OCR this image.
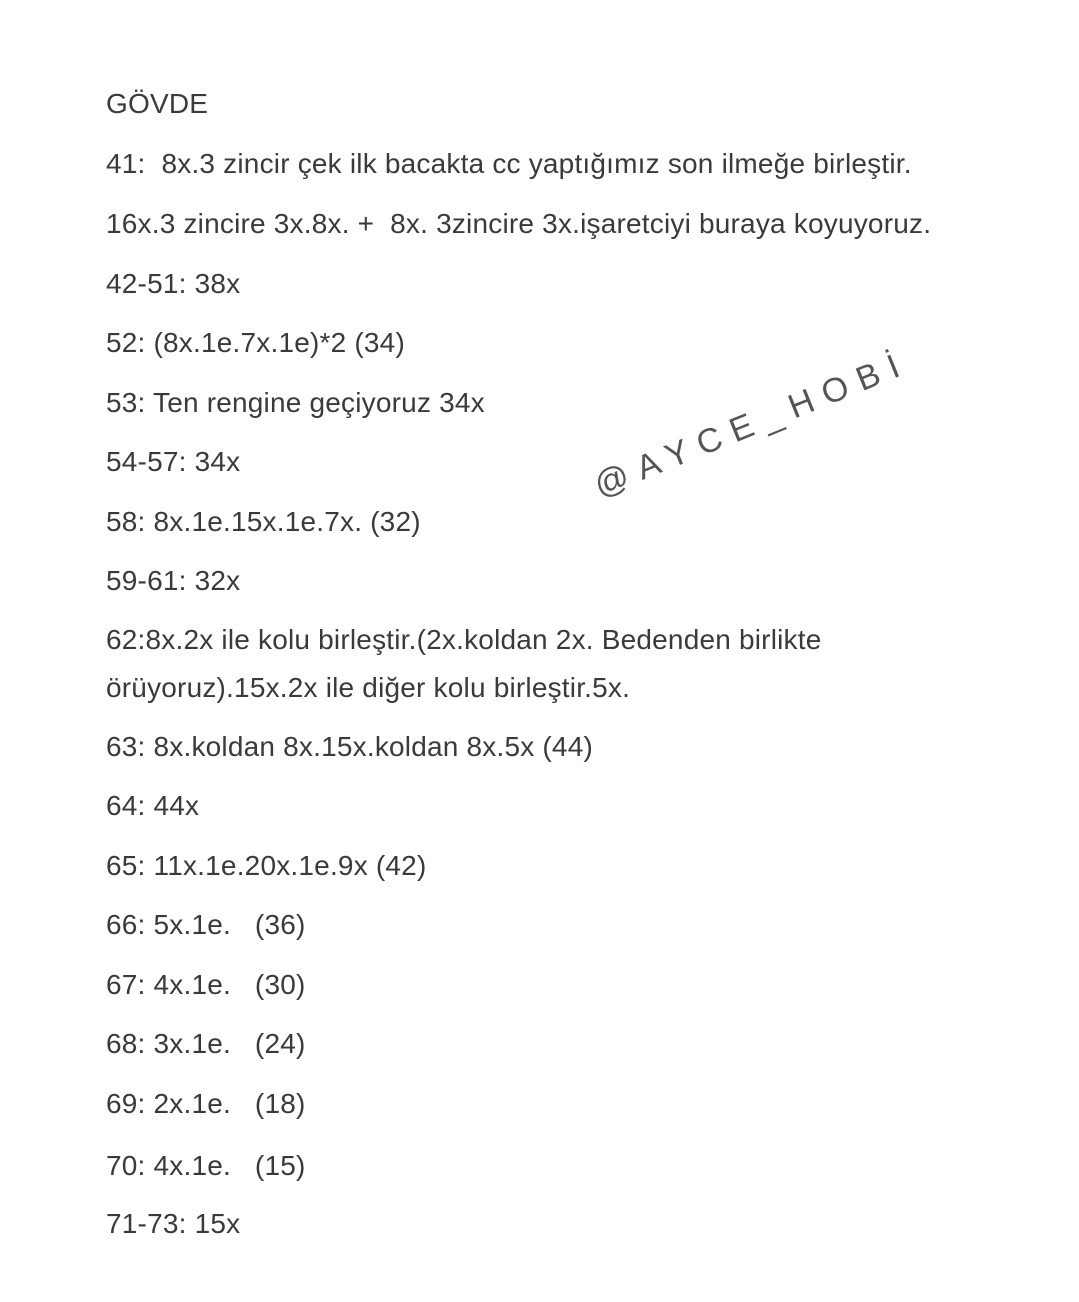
GÖVDE
41:  8x.3 zincir çek ilk bacakta cc yaptığımız son ilmeğe birleştir.
16x.3 zincire 3x.8x. +  8x. 3zincire 3x.işaretciyi buraya koyuyoruz.
42-51: 38x
52: (8x.1e.7x.1e)*2 (34)
53: Ten rengine geçiyoruz 34x
54-57: 34x
58: 8x.1e.15x.1e.7x. (32)
59-61: 32x
62:8x.2x ile kolu birleştir.(2x.koldan 2x. Bedenden birlikte
örüyoruz).15x.2x ile diğer kolu birleştir.5x.
63: 8x.koldan 8x.15x.koldan 8x.5x (44)
64: 44x
65: 11x.1e.20x.1e.9x (42)
66: 5x.1e.   (36)
67: 4x.1e.   (30)
68: 3x.1e.   (24)
69: 2x.1e.   (18)
70: 4x.1e.   (15)
71-73: 15x
@AYCE_HOBİ
